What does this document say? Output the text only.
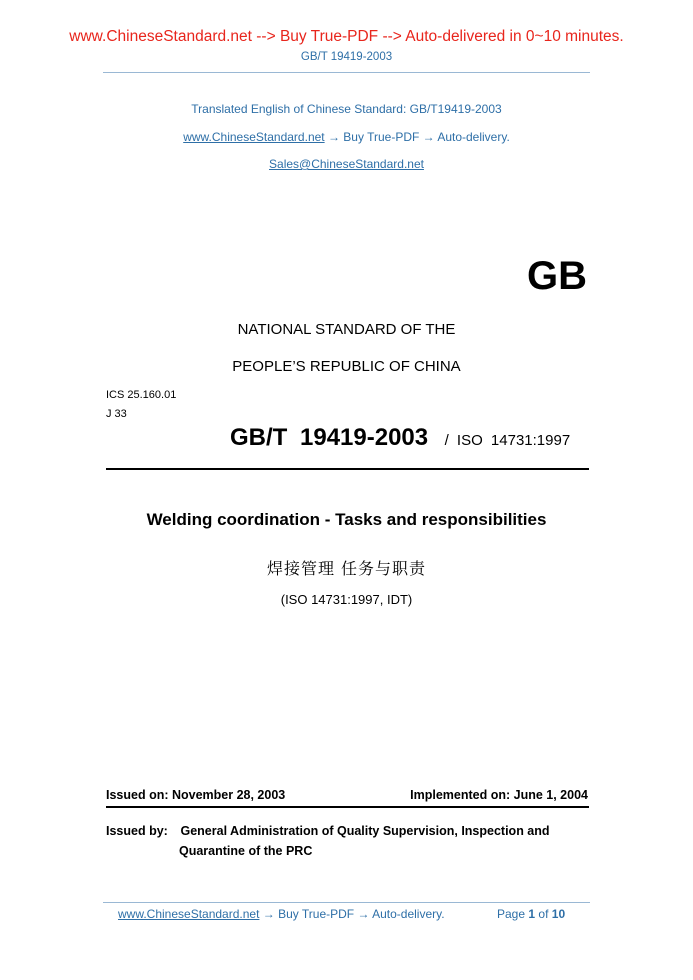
www.ChineseStandard.net --> Buy True-PDF --> Auto-delivered in 0~10 minutes.
GB/T 19419-2003
Translated English of Chinese Standard: GB/T19419-2003
www.ChineseStandard.net → Buy True-PDF → Auto-delivery.
Sales@ChineseStandard.net
GB
NATIONAL STANDARD OF THE
PEOPLE’S REPUBLIC OF CHINA
ICS 25.160.01
J 33
GB/T 19419-2003 / ISO 14731:1997
Welding coordination - Tasks and responsibilities
焊接管理 任务与职责
(ISO 14731:1997, IDT)
Issued on: November 28, 2003	Implemented on: June 1, 2004
Issued by: General Administration of Quality Supervision, Inspection and
Quarantine of the PRC
www.ChineseStandard.net → Buy True-PDF → Auto-delivery.	Page 1 of 10
